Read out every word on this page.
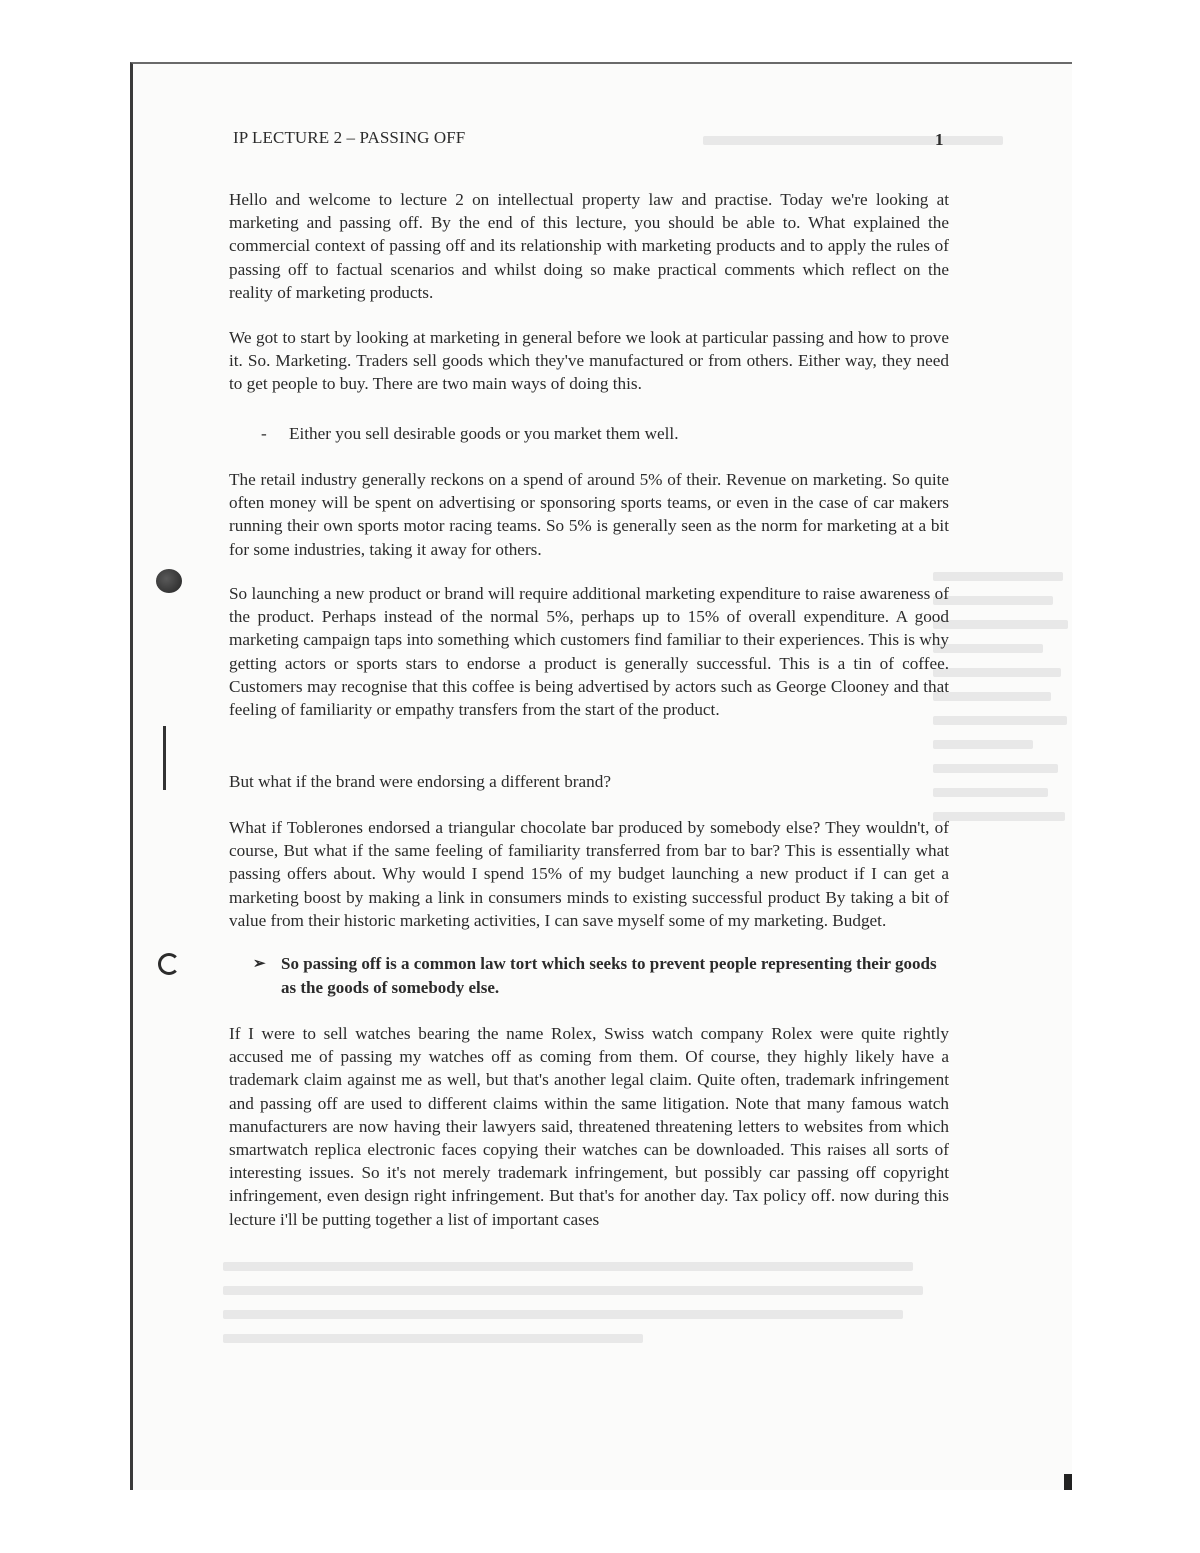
IP LECTURE 2 – PASSING OFF	1
Hello and welcome to lecture 2 on intellectual property law and practise. Today we're looking at marketing and passing off. By the end of this lecture, you should be able to. What explained the commercial context of passing off and its relationship with marketing products and to apply the rules of passing off to factual scenarios and whilst doing so make practical comments which reflect on the reality of marketing products.
We got to start by looking at marketing in general before we look at particular passing and how to prove it. So. Marketing. Traders sell goods which they've manufactured or from others. Either way, they need to get people to buy. There are two main ways of doing this.
- Either you sell desirable goods or you market them well.
The retail industry generally reckons on a spend of around 5% of their. Revenue on marketing. So quite often money will be spent on advertising or sponsoring sports teams, or even in the case of car makers running their own sports motor racing teams. So 5% is generally seen as the norm for marketing at a bit for some industries, taking it away for others.
So launching a new product or brand will require additional marketing expenditure to raise awareness of the product. Perhaps instead of the normal 5%, perhaps up to 15% of overall expenditure. A good marketing campaign taps into something which customers find familiar to their experiences. This is why getting actors or sports stars to endorse a product is generally successful. This is a tin of coffee. Customers may recognise that this coffee is being advertised by actors such as George Clooney and that feeling of familiarity or empathy transfers from the start of the product.
But what if the brand were endorsing a different brand?
What if Toblerones endorsed a triangular chocolate bar produced by somebody else? They wouldn't, of course, But what if the same feeling of familiarity transferred from bar to bar? This is essentially what passing offers about. Why would I spend 15% of my budget launching a new product if I can get a marketing boost by making a link in consumers minds to existing successful product By taking a bit of value from their historic marketing activities, I can save myself some of my marketing. Budget.
➢ So passing off is a common law tort which seeks to prevent people representing their goods as the goods of somebody else.
If I were to sell watches bearing the name Rolex, Swiss watch company Rolex were quite rightly accused me of passing my watches off as coming from them. Of course, they highly likely have a trademark claim against me as well, but that's another legal claim. Quite often, trademark infringement and passing off are used to different claims within the same litigation. Note that many famous watch manufacturers are now having their lawyers said, threatened threatening letters to websites from which smartwatch replica electronic faces copying their watches can be downloaded. This raises all sorts of interesting issues. So it's not merely trademark infringement, but possibly car passing off copyright infringement, even design right infringement. But that's for another day. Tax policy off. now during this lecture i'll be putting together a list of important cases
